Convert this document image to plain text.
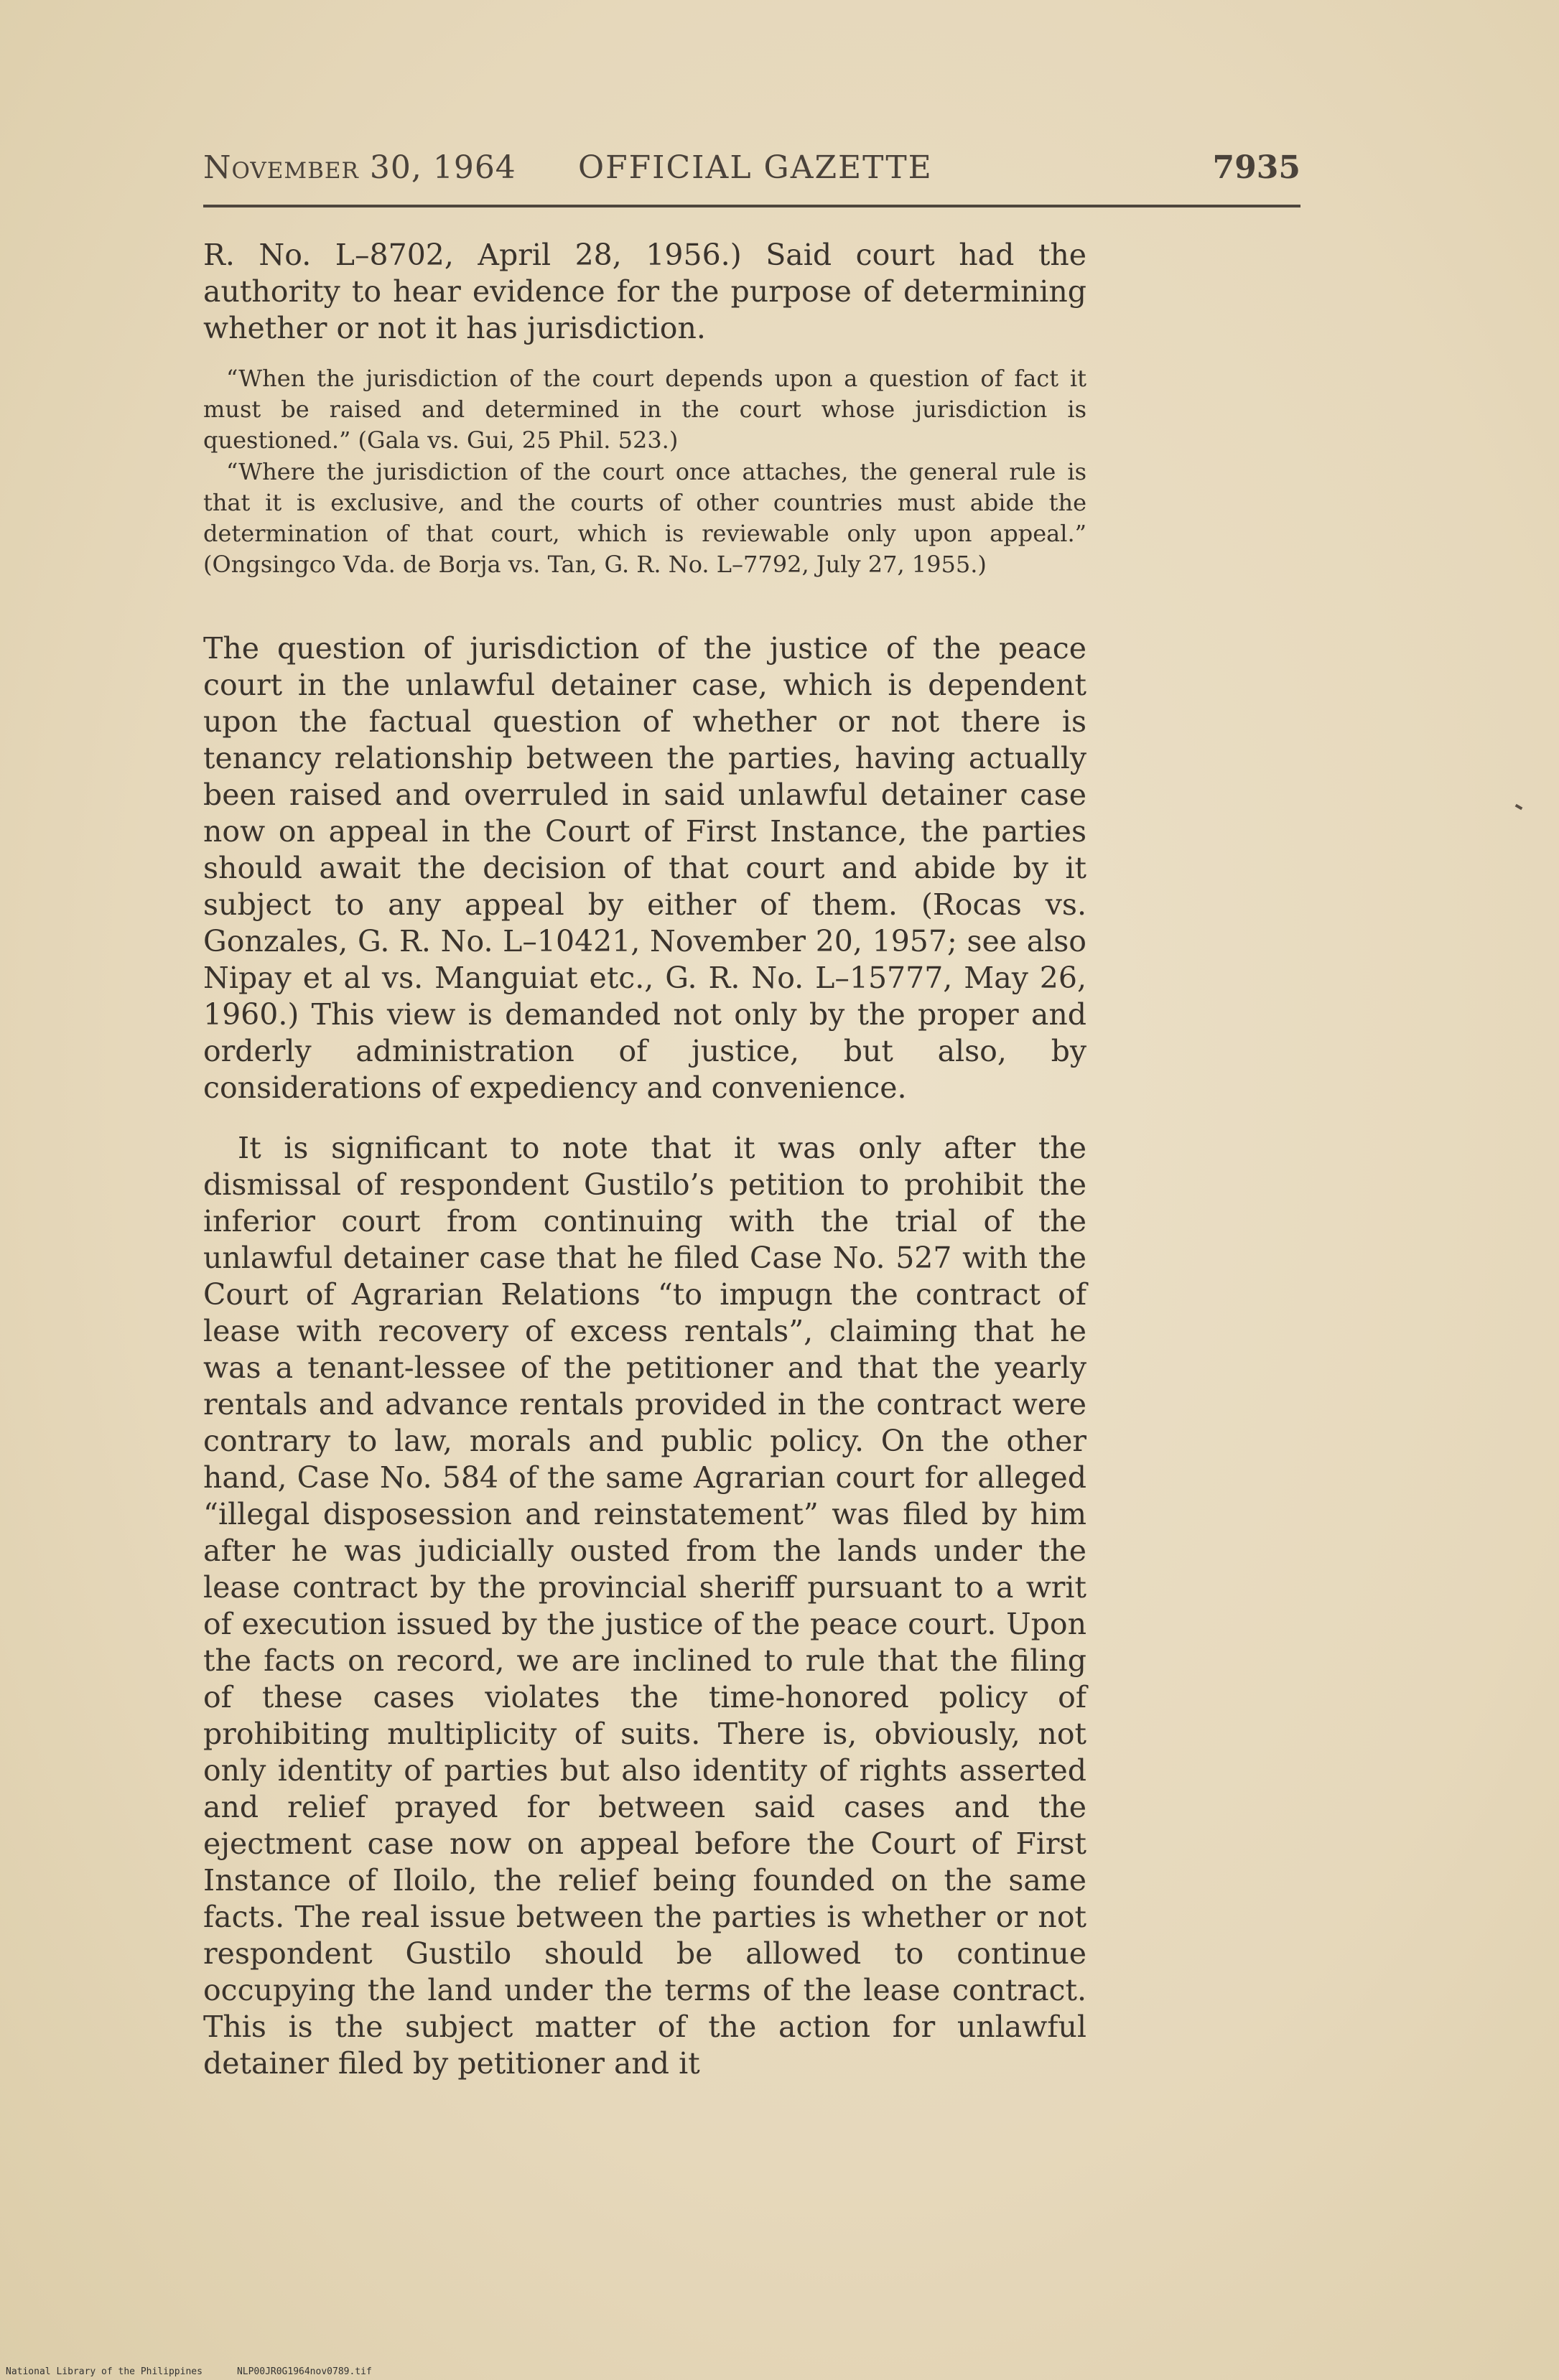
November 30, 1964 OFFICIAL GAZETTE	7935

R. No. L–8702, April 28, 1956.) Said court had the authority to hear evidence for the purpose of determining whether or not it has jurisdiction.

“When the jurisdiction of the court depends upon a question of fact it must be raised and determined in the court whose jurisdiction is questioned.” (Gala vs. Gui, 25 Phil. 523.)

“Where the jurisdiction of the court once attaches, the general rule is that it is exclusive, and the courts of other countries must abide the determination of that court, which is reviewable only upon appeal.” (Ongsingco Vda. de Borja vs. Tan, G. R. No. L–7792, July 27, 1955.)

The question of jurisdiction of the justice of the peace court in the unlawful detainer case, which is dependent upon the factual question of whether or not there is tenancy relationship between the parties, having actually been raised and overruled in said unlawful detainer case now on appeal in the Court of First Instance, the parties should await the decision of that court and abide by it subject to any appeal by either of them. (Rocas vs. Gonzales, G. R. No. L–10421, November 20, 1957; see also Nipay et al vs. Manguiat etc., G. R. No. L–15777, May 26, 1960.) This view is demanded not only by the proper and orderly administration of justice, but also, by considerations of expediency and convenience.

It is significant to note that it was only after the dismissal of respondent Gustilo’s petition to prohibit the inferior court from continuing with the trial of the unlawful detainer case that he filed Case No. 527 with the Court of Agrarian Relations “to impugn the contract of lease with recovery of excess rentals”, claiming that he was a tenant-lessee of the petitioner and that the yearly rentals and advance rentals provided in the contract were contrary to law, morals and public policy. On the other hand, Case No. 584 of the same Agrarian court for alleged “illegal disposession and reinstatement” was filed by him after he was judicially ousted from the lands under the lease contract by the provincial sheriff pursuant to a writ of execution issued by the justice of the peace court. Upon the facts on record, we are inclined to rule that the filing of these cases violates the time-honored policy of prohibiting multiplicity of suits. There is, obviously, not only identity of parties but also identity of rights asserted and relief prayed for between said cases and the ejectment case now on appeal before the Court of First Instance of Iloilo, the relief being founded on the same facts. The real issue between the parties is whether or not respondent Gustilo should be allowed to continue occupying the land under the terms of the lease contract. This is the subject matter of the action for unlawful detainer filed by petitioner and it

National Library of the Philippines	NLP00JR0G1964nov0789.tif
